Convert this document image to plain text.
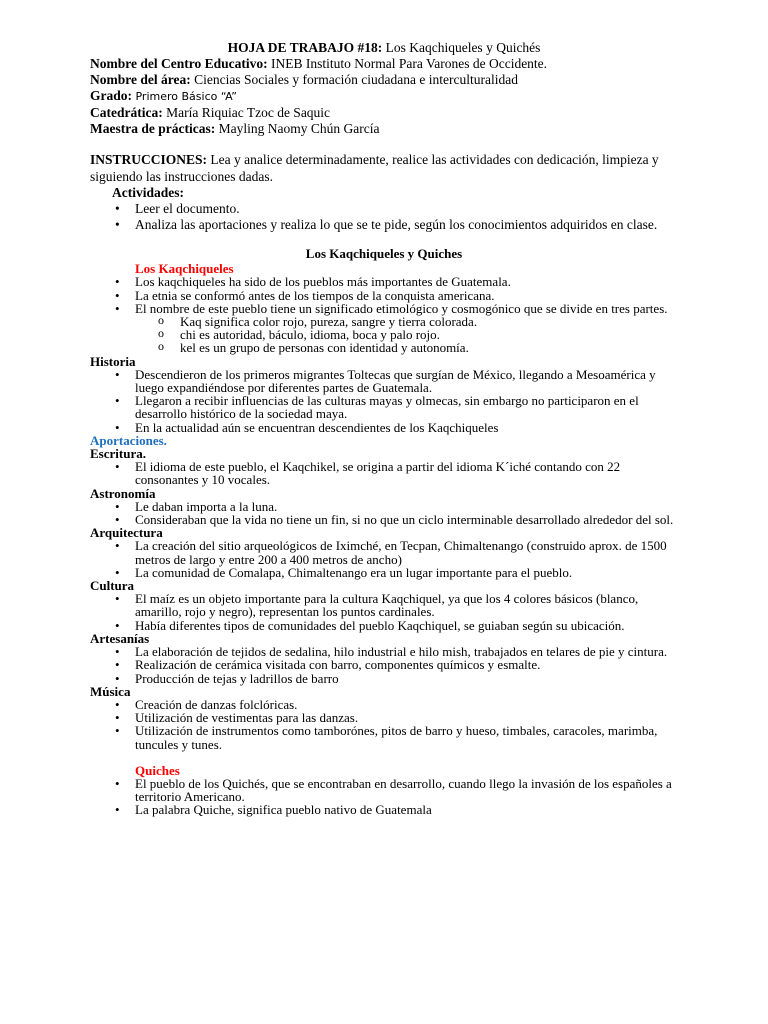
HOJA DE TRABAJO #18: Los Kaqchiqueles y Quichés

Nombre del Centro Educativo: INEB Instituto Normal Para Varones de Occidente.

Nombre del área: Ciencias Sociales y formación ciudadana e interculturalidad

Grado: Primero Básico “A”

Catedrática: María Riquiac Tzoc de Saquic

Maestra de prácticas: Mayling Naomy Chún García

INSTRUCCIONES: Lea y analice determinadamente, realice las actividades con dedicación, limpieza y siguiendo las instrucciones dadas.

Actividades:

• Leer el documento.
• Analiza las aportaciones y realiza lo que se te pide, según los conocimientos adquiridos en clase.

Los Kaqchiqueles y Quiches

Los Kaqchiqueles

• Los kaqchiqueles ha sido de los pueblos más importantes de Guatemala.
• La etnia se conformó antes de los tiempos de la conquista americana.
• El nombre de este pueblo tiene un significado etimológico y cosmogónico que se divide en tres partes.
o Kaq significa color rojo, pureza, sangre y tierra colorada.
o chi es autoridad, báculo, idioma, boca y palo rojo.
o kel es un grupo de personas con identidad y autonomía.

Historia

• Descendieron de los primeros migrantes Toltecas que surgían de México, llegando a Mesoamérica y luego expandiéndose por diferentes partes de Guatemala.
• Llegaron a recibir influencias de las culturas mayas y olmecas, sin embargo no participaron en el desarrollo histórico de la sociedad maya.
• En la actualidad aún se encuentran descendientes de los Kaqchiqueles

Aportaciones.

Escritura.

• El idioma de este pueblo, el Kaqchikel, se origina a partir del idioma K´iché contando con 22 consonantes y 10 vocales.

Astronomía

• Le daban importa a la luna.
• Consideraban que la vida no tiene un fin, si no que un ciclo interminable desarrollado alrededor del sol.

Arquitectura

• La creación del sitio arqueológicos de Iximché, en Tecpan, Chimaltenango (construido aprox. de 1500 metros de largo y entre 200 a 400 metros de ancho)
• La comunidad de Comalapa, Chimaltenango era un lugar importante para el pueblo.

Cultura

• El maíz es un objeto importante para la cultura Kaqchiquel, ya que los 4 colores básicos (blanco, amarillo, rojo y negro), representan los puntos cardinales.
• Había diferentes tipos de comunidades del pueblo Kaqchiquel, se guiaban según su ubicación.

Artesanías

• La elaboración de tejidos de sedalina, hilo industrial e hilo mish, trabajados en telares de pie y cintura.
• Realización de cerámica visitada con barro, componentes químicos y esmalte.
• Producción de tejas y ladrillos de barro

Música

• Creación de danzas folclóricas.
• Utilización de vestimentas para las danzas.
• Utilización de instrumentos como tamborónes, pitos de barro y hueso, timbales, caracoles, marimba, tuncules y tunes.

Quiches

• El pueblo de los Quichés, que se encontraban en desarrollo, cuando llego la invasión de los españoles a territorio Americano.
• La palabra Quiche, significa pueblo nativo de Guatemala
